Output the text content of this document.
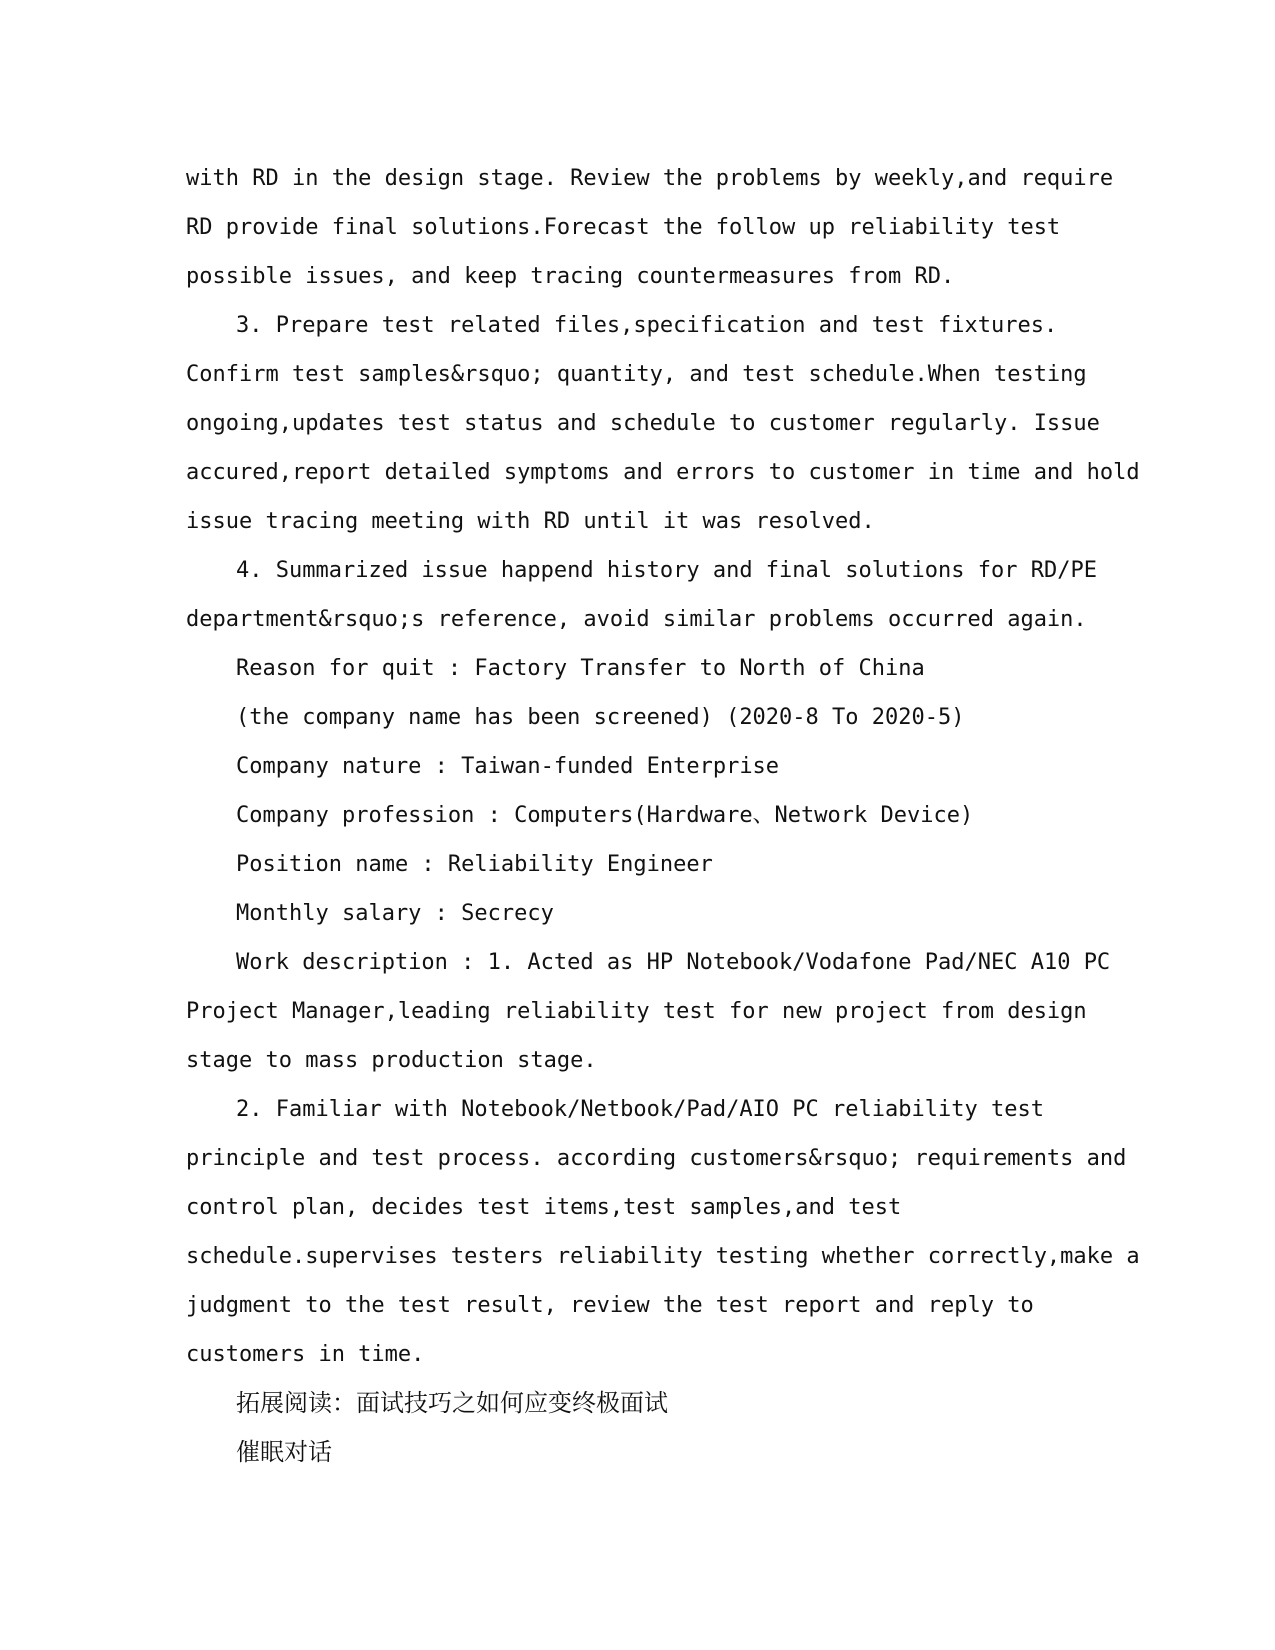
with RD in the design stage. Review the problems by weekly,and require
RD provide final solutions.Forecast the follow up reliability test
possible issues, and keep tracing countermeasures from RD.
3. Prepare test related files,specification and test fixtures.
Confirm test samples&rsquo; quantity, and test schedule.When testing
ongoing,updates test status and schedule to customer regularly. Issue
accured,report detailed symptoms and errors to customer in time and hold
issue tracing meeting with RD until it was resolved.
4. Summarized issue happend history and final solutions for RD/PE
department&rsquo;s reference, avoid similar problems occurred again.
Reason for quit : Factory Transfer to North of China
(the company name has been screened) (2020-8 To 2020-5)
Company nature : Taiwan-funded Enterprise
Company profession : Computers(Hardware、Network Device)
Position name : Reliability Engineer
Monthly salary : Secrecy
Work description : 1. Acted as HP Notebook/Vodafone Pad/NEC A10 PC
Project Manager,leading reliability test for new project from design
stage to mass production stage.
2. Familiar with Notebook/Netbook/Pad/AIO PC reliability test
principle and test process. according customers&rsquo; requirements and
control plan, decides test items,test samples,and test
schedule.supervises testers reliability testing whether correctly,make a
judgment to the test result, review the test report and reply to
customers in time.
拓展阅读：面试技巧之如何应变终极面试
催眠对话
